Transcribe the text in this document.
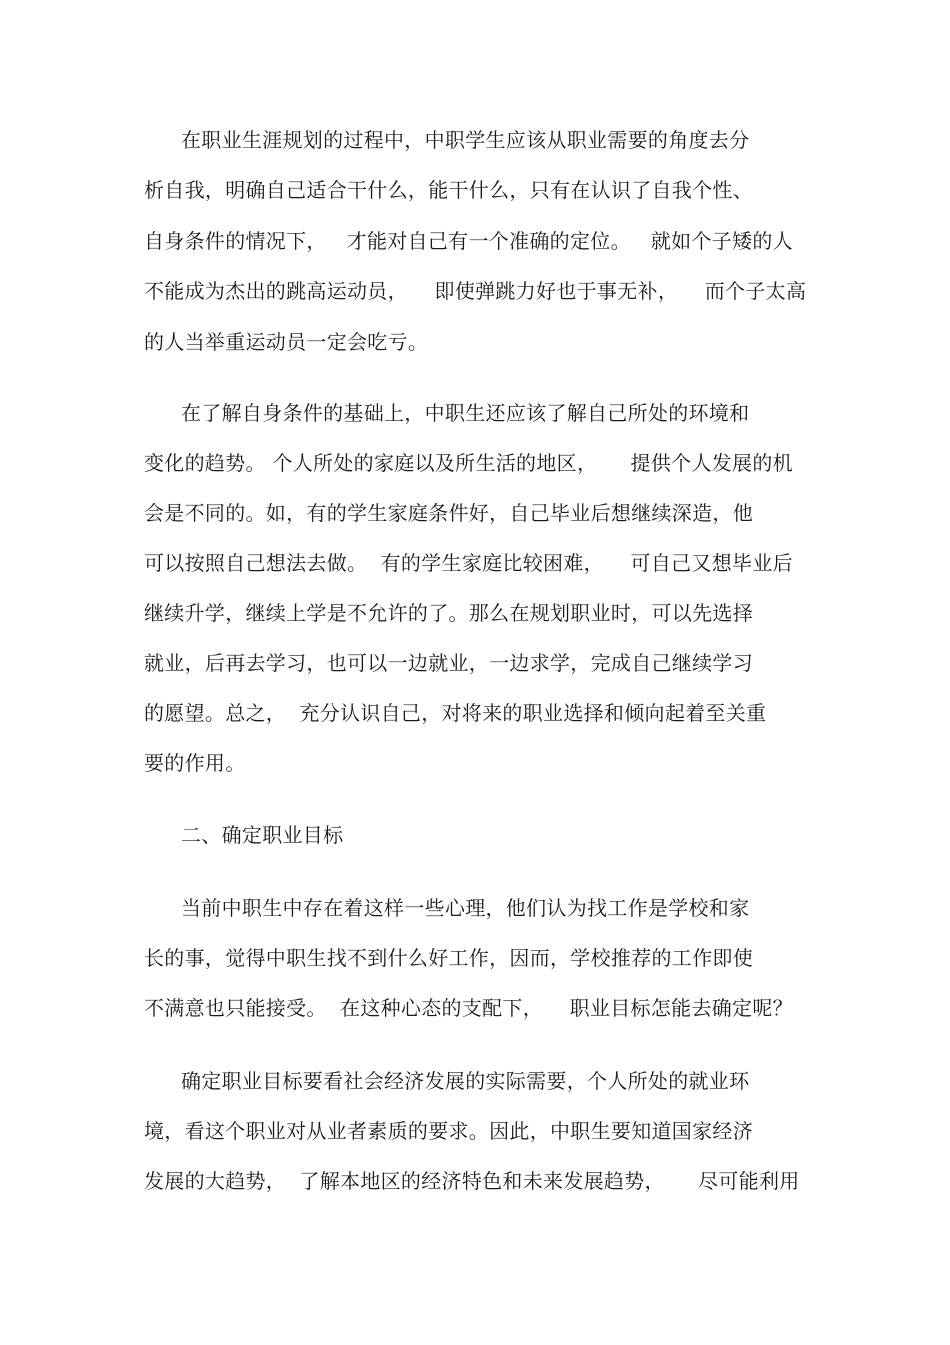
在职业生涯规划的过程中，中职学生应该从职业需要的角度去分
析自我，明确自己适合干什么，能干什么，只有在认识了自我个性、
自身条件的情况下，   才能对自己有一个准确的定位。   就如个子矮的人
不能成为杰出的跳高运动员，    即使弹跳力好也于事无补，    而个子太高
的人当举重运动员一定会吃亏。
在了解自身条件的基础上，中职生还应该了解自己所处的环境和
变化的趋势。 个人所处的家庭以及所生活的地区，     提供个人发展的机
会是不同的。如，有的学生家庭条件好，自己毕业后想继续深造，他
可以按照自己想法去做。  有的学生家庭比较困难，    可自己又想毕业后
继续升学，继续上学是不允许的了。那么在规划职业时，可以先选择
就业，后再去学习，也可以一边就业，一边求学，完成自己继续学习
的愿望。总之，  充分认识自己，对将来的职业选择和倾向起着至关重
要的作用。
二、确定职业目标
当前中职生中存在着这样一些心理，他们认为找工作是学校和家
长的事，觉得中职生找不到什么好工作，因而，学校推荐的工作即使
不满意也只能接受。  在这种心态的支配下，    职业目标怎能去确定呢？
确定职业目标要看社会经济发展的实际需要，个人所处的就业环
境，看这个职业对从业者素质的要求。因此，中职生要知道国家经济
发展的大趋势，  了解本地区的经济特色和未来发展趋势，     尽可能利用
